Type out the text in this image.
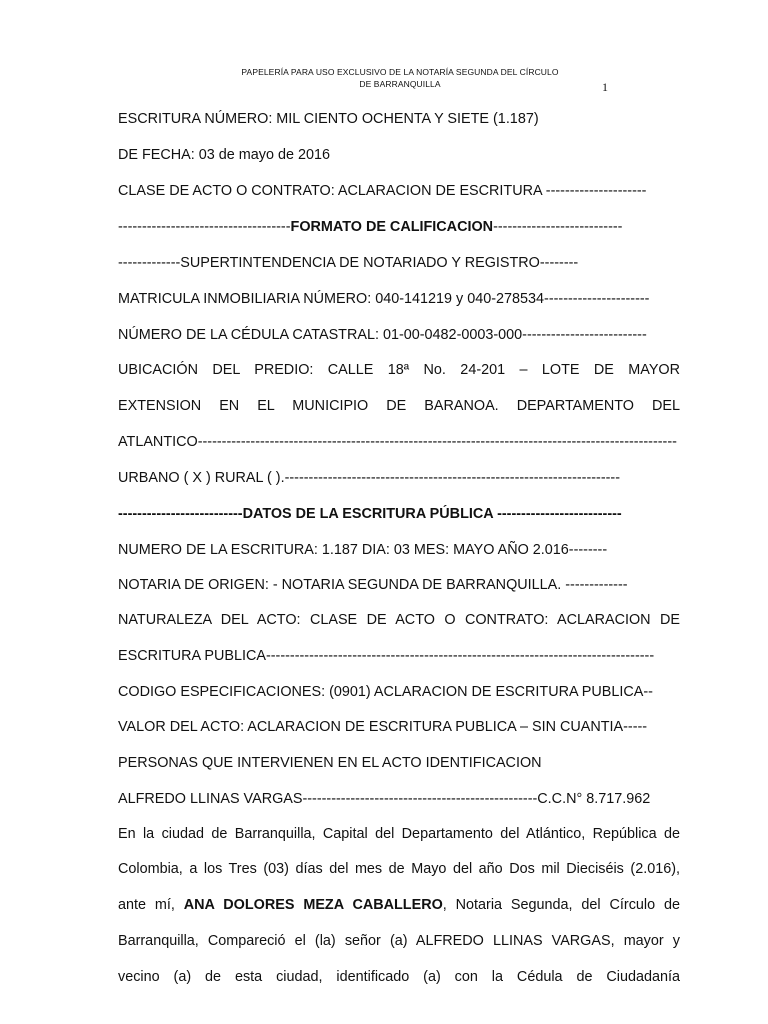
PAPELERÍA PARA USO EXCLUSIVO DE LA NOTARÍA SEGUNDA DEL CÍRCULO
DE BARRANQUILLA	1
ESCRITURA NÚMERO: MIL CIENTO OCHENTA Y SIETE (1.187)
DE FECHA: 03 de mayo de 2016
CLASE DE ACTO O CONTRATO: ACLARACION DE ESCRITURA ---------------------
------------------------------------FORMATO DE CALIFICACION---------------------------
-------------SUPERTINTENDENCIA DE NOTARIADO Y REGISTRO--------
MATRICULA INMOBILIARIA NÚMERO: 040-141219 y 040-278534----------------------
NÚMERO DE LA CÉDULA CATASTRAL: 01-00-0482-0003-000--------------------------
UBICACIÓN DEL PREDIO: CALLE 18ª No. 24-201 – LOTE DE MAYOR
EXTENSION EN EL MUNICIPIO DE BARANOA. DEPARTAMENTO DEL
ATLANTICO----------------------------------------------------------------------------------------------------
URBANO ( X ) RURAL ( ).----------------------------------------------------------------------
--------------------------DATOS DE LA ESCRITURA PÚBLICA --------------------------
NUMERO DE LA ESCRITURA: 1.187 DIA: 03 MES: MAYO AÑO 2.016--------
NOTARIA DE ORIGEN: - NOTARIA SEGUNDA DE BARRANQUILLA. -------------
NATURALEZA DEL ACTO: CLASE DE ACTO O CONTRATO: ACLARACION DE
ESCRITURA PUBLICA---------------------------------------------------------------------------------
CODIGO ESPECIFICACIONES: (0901) ACLARACION DE ESCRITURA PUBLICA--
VALOR DEL ACTO: ACLARACION DE ESCRITURA PUBLICA – SIN CUANTIA-----
PERSONAS QUE INTERVIENEN EN EL ACTO IDENTIFICACION
ALFREDO LLINAS VARGAS-------------------------------------------------C.C.N° 8.717.962
En la ciudad de Barranquilla, Capital del Departamento del Atlántico, República de
Colombia, a los Tres (03) días del mes de Mayo del año Dos mil Dieciséis (2.016),
ante mí, ANA DOLORES MEZA CABALLERO, Notaria Segunda, del Círculo de
Barranquilla, Compareció el (la) señor (a) ALFREDO LLINAS VARGAS, mayor y
vecino (a) de esta ciudad, identificado (a) con la Cédula de Ciudadanía
